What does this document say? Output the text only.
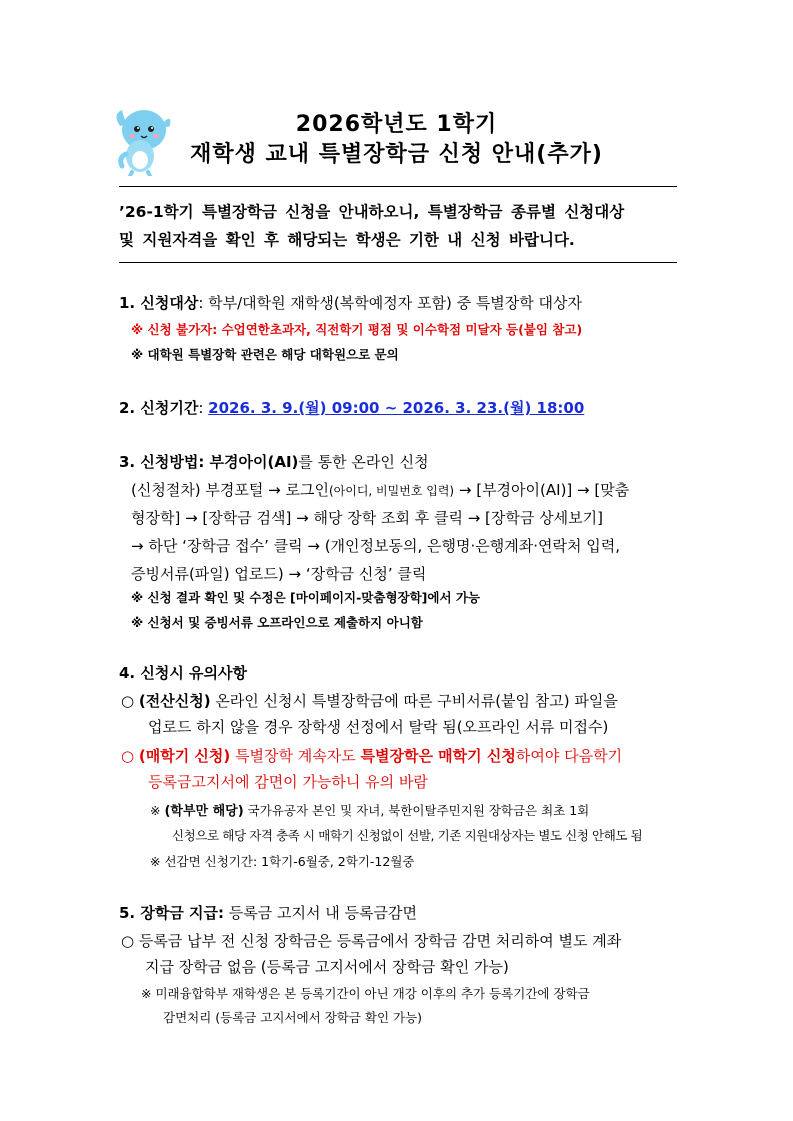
2026학년도 1학기
재학생 교내 특별장학금 신청 안내(추가)
’26-1학기 특별장학금 신청을 안내하오니, 특별장학금 종류별 신청대상
및 지원자격을 확인 후 해당되는 학생은 기한 내 신청 바랍니다.
1. 신청대상: 학부/대학원 재학생(복학예정자 포함) 중 특별장학 대상자
※ 신청 불가자: 수업연한초과자, 직전학기 평점 및 이수학점 미달자 등(붙임 참고)
※ 대학원 특별장학 관련은 해당 대학원으로 문의
2. 신청기간: 2026. 3. 9.(월) 09:00 ~ 2026. 3. 23.(월) 18:00
3. 신청방법: 부경아이(AI)를 통한 온라인 신청
(신청절차) 부경포털 → 로그인(아이디, 비밀번호 입력) → [부경아이(AI)] → [맞춤
형장학] → [장학금 검색] → 해당 장학 조회 후 클릭 → [장학금 상세보기]
→ 하단 ‘장학금 접수’ 클릭 → (개인정보동의, 은행명·은행계좌·연락처 입력,
증빙서류(파일) 업로드) → ‘장학금 신청’ 클릭
※ 신청 결과 확인 및 수정은 [마이페이지-맞춤형장학]에서 가능
※ 신청서 및 증빙서류 오프라인으로 제출하지 아니함
4. 신청시 유의사항
○ (전산신청) 온라인 신청시 특별장학금에 따른 구비서류(붙임 참고) 파일을
업로드 하지 않을 경우 장학생 선정에서 탈락 됨(오프라인 서류 미접수)
○ (매학기 신청) 특별장학 계속자도 특별장학은 매학기 신청하여야 다음학기
등록금고지서에 감면이 가능하니 유의 바람
※ (학부만 해당) 국가유공자 본인 및 자녀, 북한이탈주민지원 장학금은 최초 1회
신청으로 해당 자격 충족 시 매학기 신청없이 선발, 기존 지원대상자는 별도 신청 안해도 됨
※ 선감면 신청기간: 1학기-6월중, 2학기-12월중
5. 장학금 지급: 등록금 고지서 내 등록금감면
○ 등록금 납부 전 신청 장학금은 등록금에서 장학금 감면 처리하여 별도 계좌
지급 장학금 없음 (등록금 고지서에서 장학금 확인 가능)
※ 미래융합학부 재학생은 본 등록기간이 아닌 개강 이후의 추가 등록기간에 장학금
감면처리 (등록금 고지서에서 장학금 확인 가능)
